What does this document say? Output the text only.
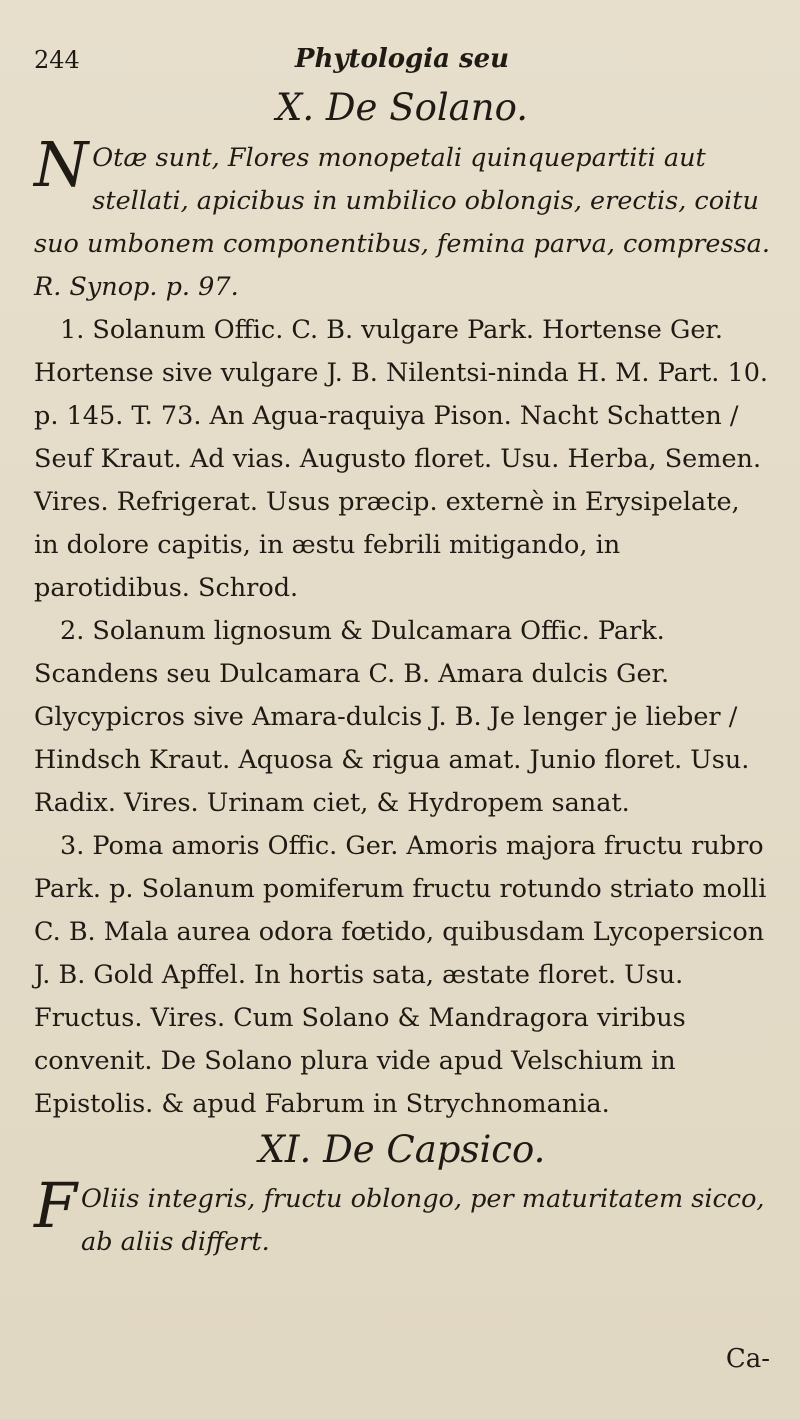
244	Phytologia seu
X. De Solano.

NOtæ sunt, Flores monopetali quinquepartiti aut stellati, apicibus in umbilico oblongis, erectis, coitu suo umbonem componentibus, femina parva, compressa. R. Synop. p. 97.

1. Solanum Offic. C. B. vulgare Park. Hortense Ger. Hortense sive vulgare J. B. Nilentsi-ninda H. M. Part. 10. p. 145. T. 73. An Agua-raquiya Pison. Nacht Schatten / Seuf Kraut. Ad vias. Augusto floret. Usu. Herba, Semen. Vires. Refrigerat. Usus præcip. externè in Erysipelate, in dolore capitis, in æstu febrili mitigando, in parotidibus. Schrod.

2. Solanum lignosum & Dulcamara Offic. Park. Scandens seu Dulcamara C. B. Amara dulcis Ger. Glycypicros sive Amara-dulcis J. B. Je lenger je lieber / Hindsch Kraut. Aquosa & rigua amat. Junio floret. Usu. Radix. Vires. Urinam ciet, & Hydropem sanat.

3. Poma amoris Offic. Ger. Amoris majora fructu rubro Park. p. Solanum pomiferum fructu rotundo striato molli C. B. Mala aurea odora fœtido, quibusdam Lycopersicon J. B. Gold Apffel. In hortis sata, æstate floret. Usu. Fructus. Vires. Cum Solano & Mandragora viribus convenit. De Solano plura vide apud Velschium in Epistolis. & apud Fabrum in Strychnomania.

XI. De Capsico.

FOliis integris, fructu oblongo, per maturitatem sicco, ab aliis differt.

Ca-
